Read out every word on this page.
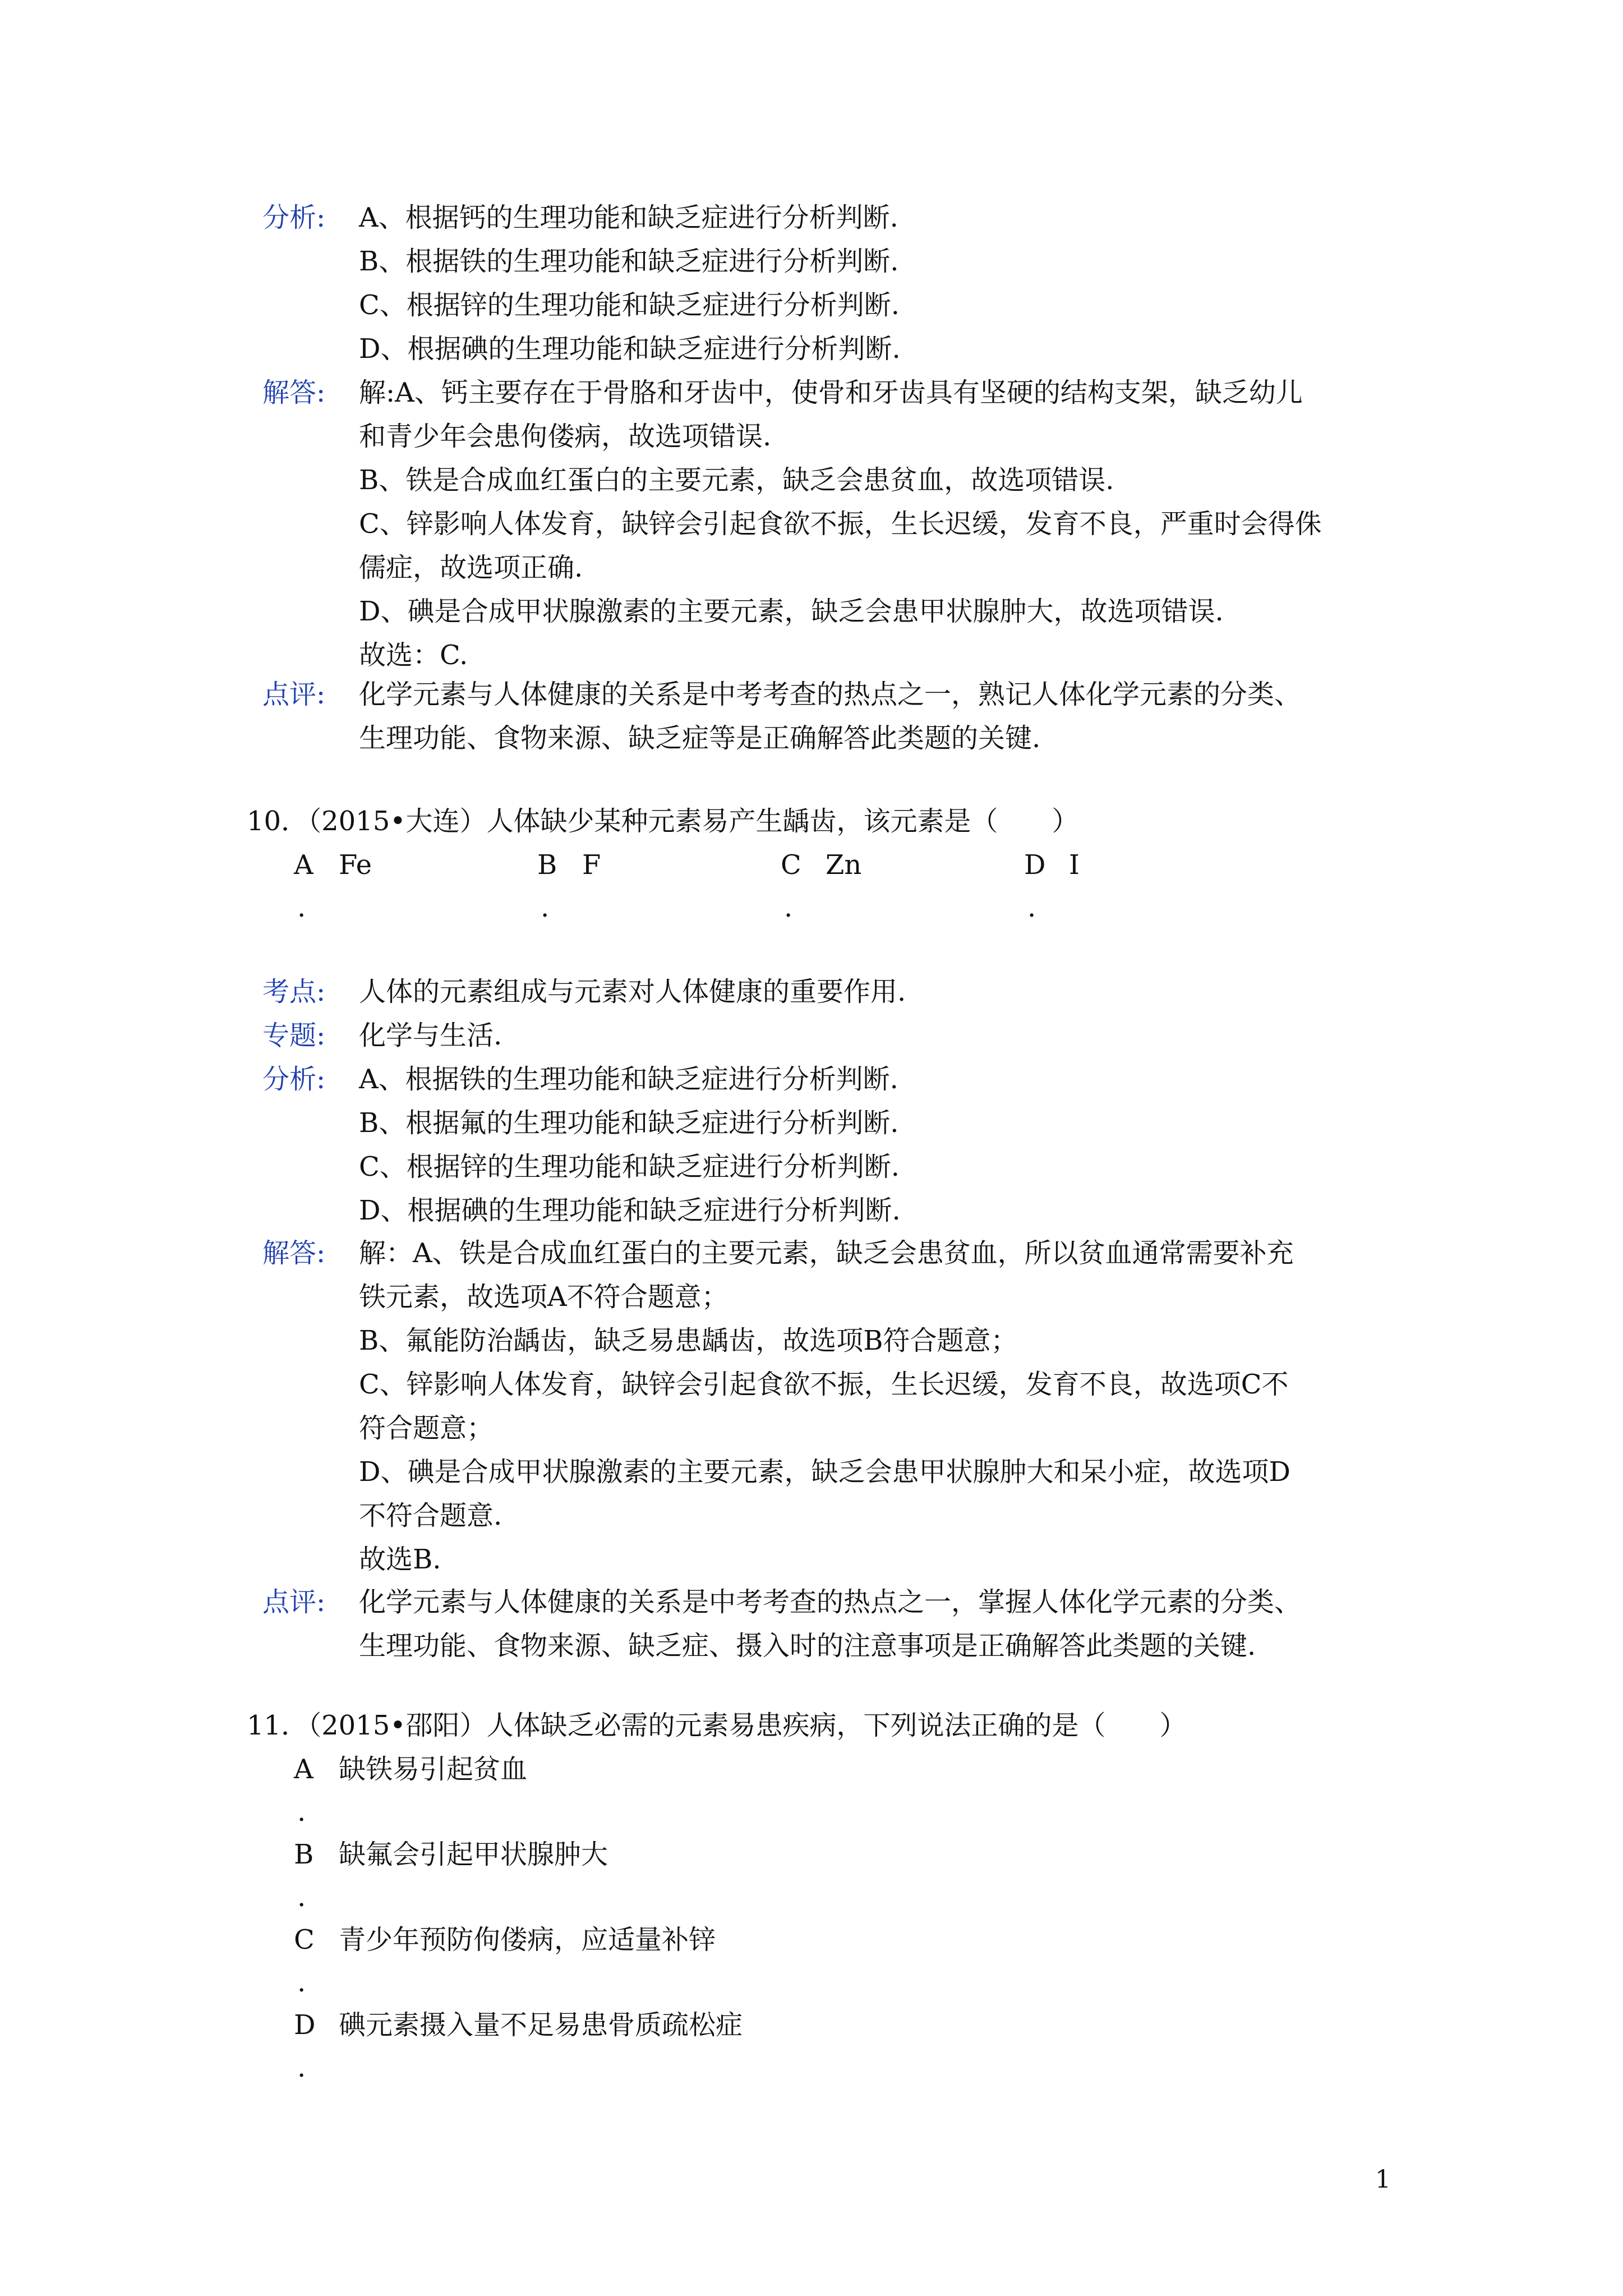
分析: A、根据钙的生理功能和缺乏症进行分析判断.
B、根据铁的生理功能和缺乏症进行分析判断.
C、根据锌的生理功能和缺乏症进行分析判断.
D、根据碘的生理功能和缺乏症进行分析判断.
解答: 解:A、钙主要存在于骨胳和牙齿中，使骨和牙齿具有坚硬的结构支架，缺乏幼儿
和青少年会患佝偻病，故选项错误.
B、铁是合成血红蛋白的主要元素，缺乏会患贫血，故选项错误.
C、锌影响人体发育，缺锌会引起食欲不振，生长迟缓，发育不良，严重时会得侏
儒症，故选项正确.
D、碘是合成甲状腺激素的主要元素，缺乏会患甲状腺肿大，故选项错误.
故选：C.
点评: 化学元素与人体健康的关系是中考考查的热点之一，熟记人体化学元素的分类、
生理功能、食物来源、缺乏症等是正确解答此类题的关键.
10．（2015•大连）人体缺少某种元素易产生龋齿，该元素是（　　）
A Fe	B F	C Zn	D I
.	.	.	.
考点: 人体的元素组成与元素对人体健康的重要作用.
专题: 化学与生活.
分析: A、根据铁的生理功能和缺乏症进行分析判断.
B、根据氟的生理功能和缺乏症进行分析判断.
C、根据锌的生理功能和缺乏症进行分析判断.
D、根据碘的生理功能和缺乏症进行分析判断.
解答: 解：A、铁是合成血红蛋白的主要元素，缺乏会患贫血，所以贫血通常需要补充
铁元素，故选项A不符合题意；
B、氟能防治龋齿，缺乏易患龋齿，故选项B符合题意；
C、锌影响人体发育，缺锌会引起食欲不振，生长迟缓，发育不良，故选项C不
符合题意；
D、碘是合成甲状腺激素的主要元素，缺乏会患甲状腺肿大和呆小症，故选项D
不符合题意.
故选B.
点评: 化学元素与人体健康的关系是中考考查的热点之一，掌握人体化学元素的分类、
生理功能、食物来源、缺乏症、摄入时的注意事项是正确解答此类题的关键.
11．（2015•邵阳）人体缺乏必需的元素易患疾病，下列说法正确的是（　　）
A 缺铁易引起贫血
.
B 缺氟会引起甲状腺肿大
.
C 青少年预防佝偻病，应适量补锌
.
D 碘元素摄入量不足易患骨质疏松症
.
1
